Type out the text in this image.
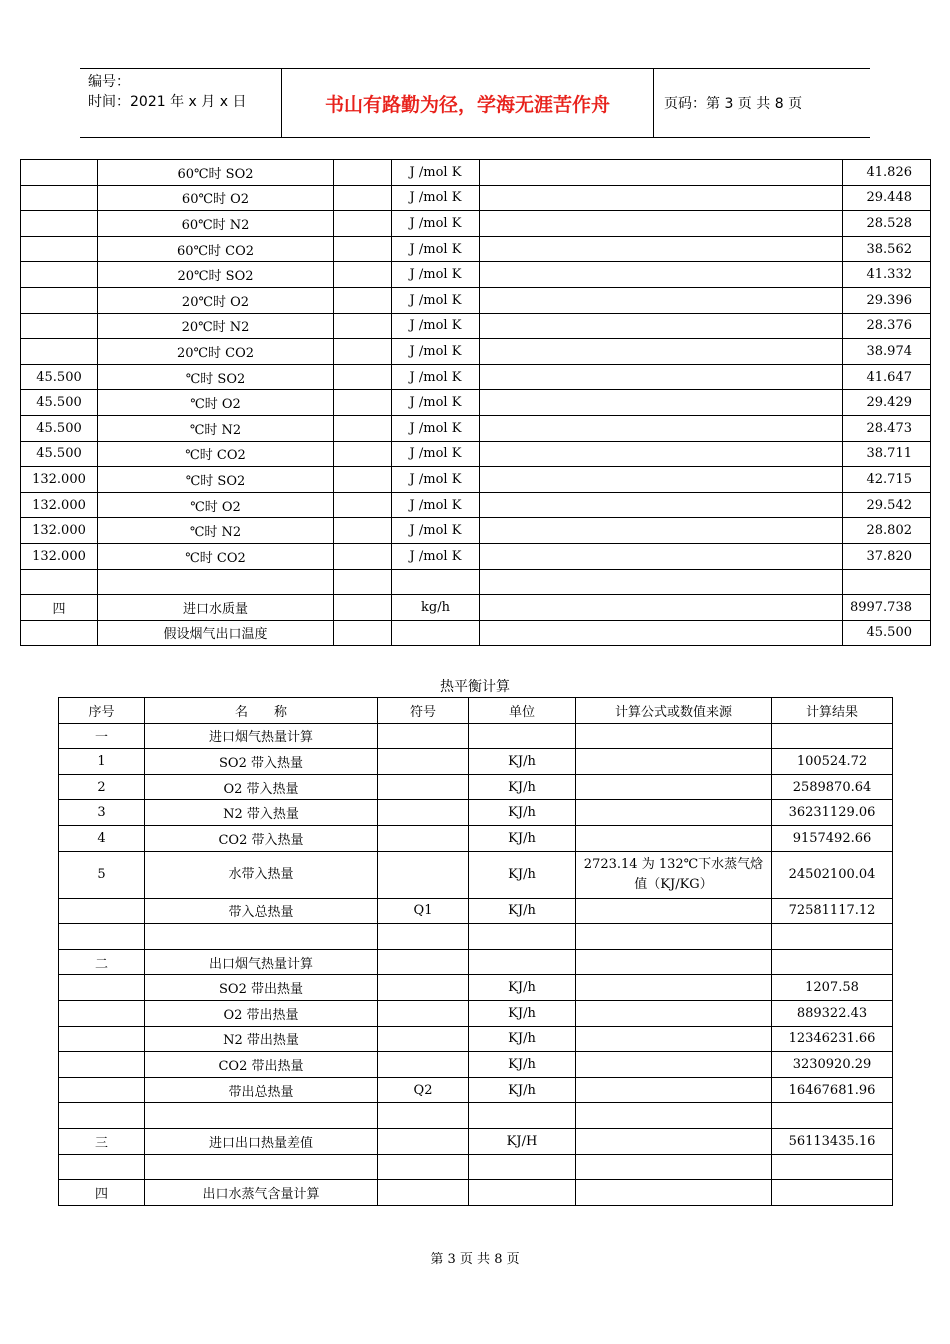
编号：
时间：2021 年 x 月 x 日	书山有路勤为径，学海无涯苦作舟	页码：第 3 页 共 8 页
	60℃时 SO2		J /mol K		41.826
	60℃时 O2		J /mol K		29.448
	60℃时 N2		J /mol K		28.528
	60℃时 CO2		J /mol K		38.562
	20℃时 SO2		J /mol K		41.332
	20℃时 O2		J /mol K		29.396
	20℃时 N2		J /mol K		28.376
	20℃时 CO2		J /mol K		38.974
45.500	℃时 SO2		J /mol K		41.647
45.500	℃时 O2		J /mol K		29.429
45.500	℃时 N2		J /mol K		28.473
45.500	℃时 CO2		J /mol K		38.711
132.000	℃时 SO2		J /mol K		42.715
132.000	℃时 O2		J /mol K		29.542
132.000	℃时 N2		J /mol K		28.802
132.000	℃时 CO2		J /mol K		37.820

四	进口水质量		kg/h		8997.738
	假设烟气出口温度				45.500
热平衡计算
序号	名　　称	符号	单位	计算公式或数值来源	计算结果
一	进口烟气热量计算				
1	SO2 带入热量		KJ/h		100524.72
2	O2 带入热量		KJ/h		2589870.64
3	N2 带入热量		KJ/h		36231129.06
4	CO2 带入热量		KJ/h		9157492.66
5	水带入热量		KJ/h	2723.14 为 132℃下水蒸气焓值（KJ/KG）	24502100.04
	带入总热量	Q1	KJ/h		72581117.12

二	出口烟气热量计算				
	SO2 带出热量		KJ/h		1207.58
	O2 带出热量		KJ/h		889322.43
	N2 带出热量		KJ/h		12346231.66
	CO2 带出热量		KJ/h		3230920.29
	带出总热量	Q2	KJ/h		16467681.96

三	进口出口热量差值		KJ/H		56113435.16

四	出口水蒸气含量计算				
第 3 页 共 8 页
